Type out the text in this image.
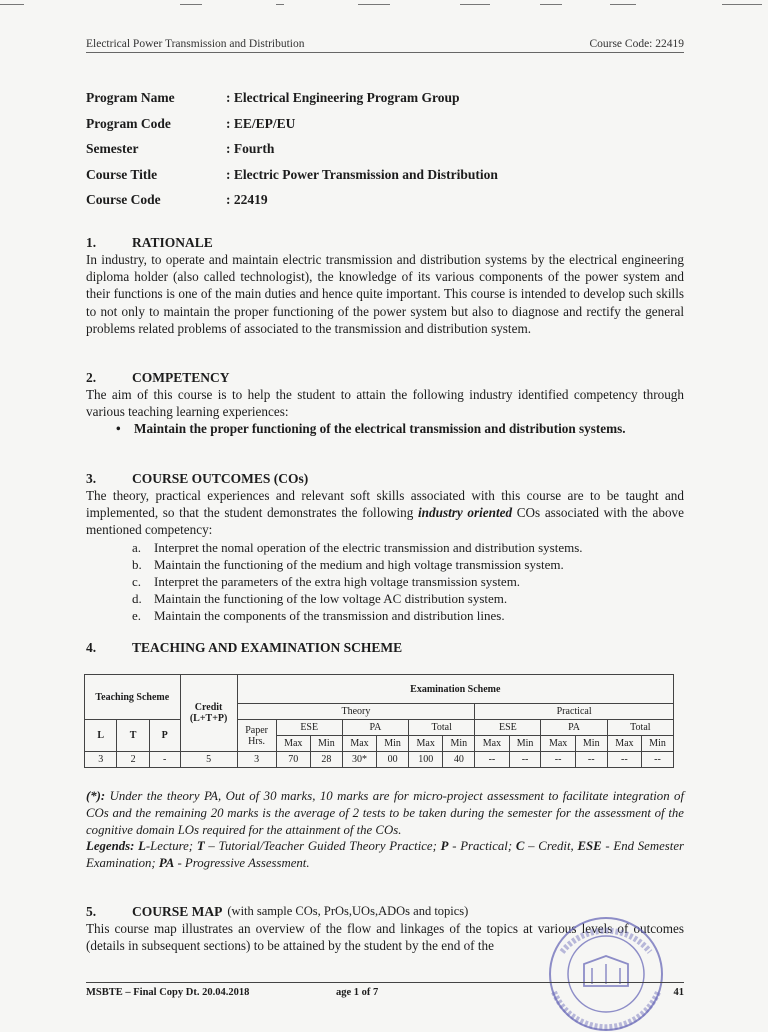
Electrical Power Transmission and Distribution	Course Code: 22419
Program Name	: Electrical Engineering Program Group
Program Code	: EE/EP/EU
Semester	: Fourth
Course Title	: Electric Power Transmission and Distribution
Course Code	: 22419
1.	RATIONALE

In industry, to operate and maintain electric transmission and distribution systems by the electrical engineering diploma holder (also called technologist), the knowledge of its various components of the power system and their functions is one of the main duties and hence quite important. This course is intended to develop such skills to not only to maintain the proper functioning of the power system but also to diagnose and rectify the general problems related problems of associated to the transmission and distribution system.

2.	COMPETENCY

The aim of this course is to help the student to attain the following industry identified competency through various teaching learning experiences:

•	Maintain the proper functioning of the electrical transmission and distribution systems.
3.	COURSE OUTCOMES (COs)

The theory, practical experiences and relevant soft skills associated with this course are to be taught and implemented, so that the student demonstrates the following industry oriented COs associated with the above mentioned competency:

a. Interpret the nomal operation of the electric transmission and distribution systems.
b. Maintain the functioning of the medium and high voltage transmission system.
c. Interpret the parameters of the extra high voltage transmission system.
d. Maintain the functioning of the low voltage AC distribution system.
e. Maintain the components of the transmission and distribution lines.
4.	TEACHING AND EXAMINATION SCHEME
Teaching Scheme			Credit (L+T+P)	Examination Scheme												
				Theory							Practical					
L	T	P		Paper Hrs.	ESE		PA		Total		ESE		PA		Total	
					Max	Min	Max	Min	Max	Min	Max	Min	Max	Min	Max	Min
3	2	-	5	3	70	28	30*	00	100	40	--	--	--	--	--	--
(*): Under the theory PA, Out of 30 marks, 10 marks are for micro-project assessment to facilitate integration of COs and the remaining 20 marks is the average of 2 tests to be taken during the semester for the assessment of the cognitive domain LOs required for the attainment of the COs.
Legends: L-Lecture; T – Tutorial/Teacher Guided Theory Practice; P - Practical; C – Credit, ESE - End Semester Examination; PA - Progressive Assessment.
5.	COURSE MAP (with sample COs, PrOs,UOs,ADOs and topics)

This course map illustrates an overview of the flow and linkages of the topics at various levels of outcomes (details in subsequent sections) to be attained by the student by the end of the

MSBTE – Final Copy Dt. 20.04.2018	age 1 of 7	41
